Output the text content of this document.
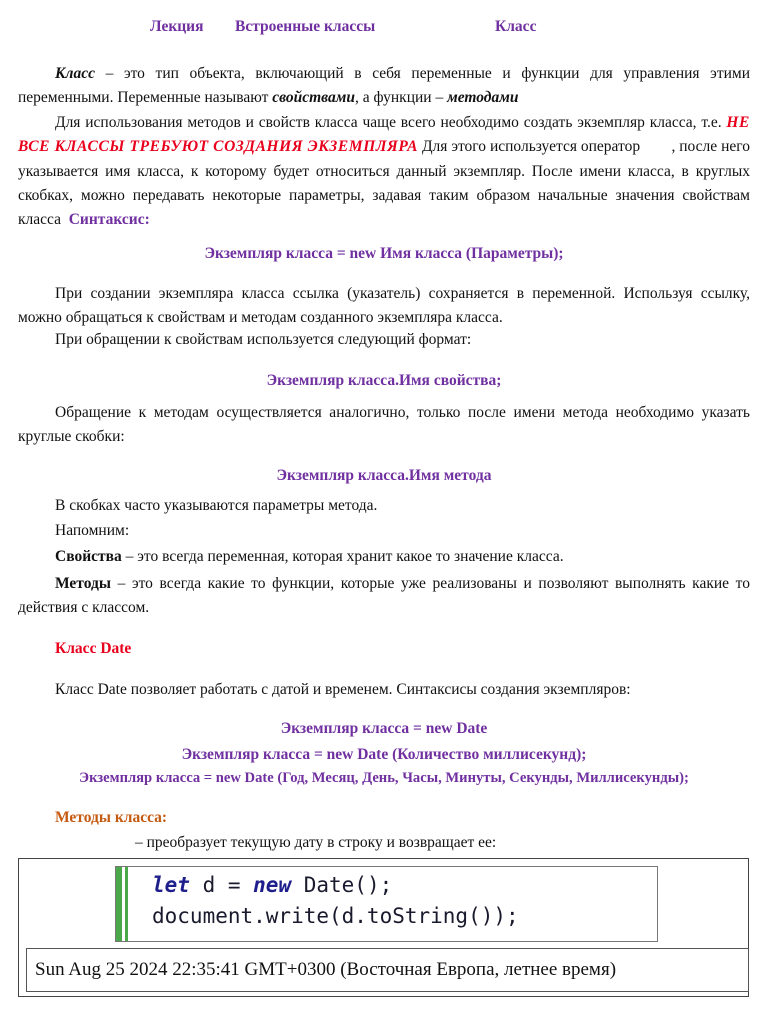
Лекция Встроенные классы	Класс
Класс – это тип объекта, включающий в себя переменные и функции для управления этими переменными. Переменные называют свойствами, а функции – методами
Для использования методов и свойств класса чаще всего необходимо создать экземпляр класса, т.е. НЕ ВСЕ КЛАССЫ ТРЕБУЮТ СОЗДАНИЯ ЭКЗЕМПЛЯРА Для этого используется оператор        , после него указывается имя класса, к которому будет относиться данный экземпляр. После имени класса, в круглых скобках, можно передавать некоторые параметры, задавая таким образом начальные значения свойствам класса  Синтаксис:
Экземпляр класса = new Имя класса (Параметры);
При создании экземпляра класса ссылка (указатель) сохраняется в переменной. Используя ссылку, можно обращаться к свойствам и методам созданного экземпляра класса.
При обращении к свойствам используется следующий формат:
Экземпляр класса.Имя свойства;
Обращение к методам осуществляется аналогично, только после имени метода необходимо указать круглые скобки:
Экземпляр класса.Имя метода
В скобках часто указываются параметры метода.
Напомним:
Свойства – это всегда переменная, которая хранит какое то значение класса.
Методы – это всегда какие то функции, которые уже реализованы и позволяют выполнять какие то действия с классом.
Класс Date
Класс Date позволяет работать с датой и временем. Синтаксисы создания экземпляров:
Экземпляр класса = new Date
Экземпляр класса = new Date (Количество миллисекунд);
Экземпляр класса = new Date (Год, Месяц, День, Часы, Минуты, Секунды, Миллисекунды);
Методы класса:
– преобразует текущую дату в строку и возвращает ее:
let d = new Date();
document.write(d.toString());
Sun Aug 25 2024 22:35:41 GMT+0300 (Восточная Европа, летнее время)
